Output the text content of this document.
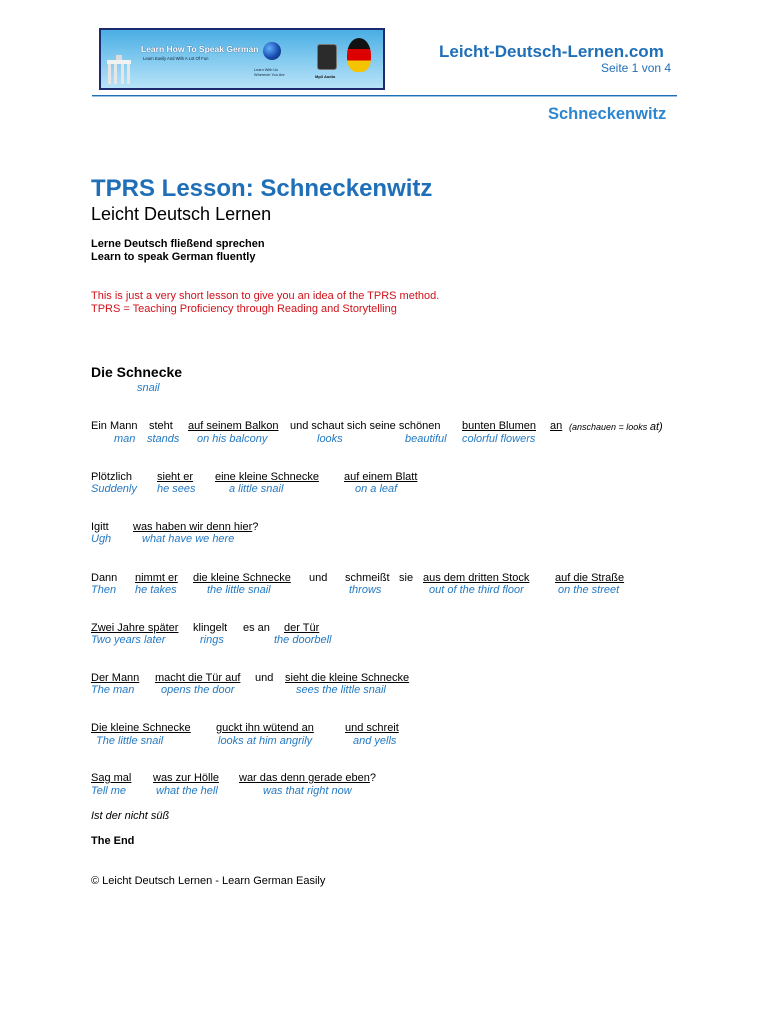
Learn How To Speak German
Learn Easily And With A Lot Of Fun
Learn With Us Wherever You Are	Mp3 Audio
Leicht-Deutsch-Lernen.com
Seite 1 von 4
Schneckenwitz
TPRS Lesson: Schneckenwitz
Leicht Deutsch Lernen
Lerne Deutsch fließend sprechen
Learn to speak German fluently
This is just a very short lesson to give you an idea of the TPRS method.
TPRS = Teaching Proficiency through Reading and Storytelling
Die Schnecke
snail
Ein Mann steht auf seinem Balkon und schaut sich seine schönen bunten Blumen an (anschauen = looks at)
man stands on his balcony	looks	beautiful colorful flowers
Plötzlich sieht er eine kleine Schnecke auf einem Blatt
Suddenly he sees	a little snail	on a leaf
Igitt was haben wir denn hier?
Ugh	what have we here
Dann nimmt er die kleine Schnecke und schmeißt sie aus dem dritten Stock auf die Straße
Then he takes	the little snail	throws	out of the third floor	on the street
Zwei Jahre später klingelt es an der Tür
Two years later	rings	the doorbell
Der Mann macht die Tür auf und sieht die kleine Schnecke
The man opens the door	sees the little snail
Die kleine Schnecke guckt ihn wütend an	und schreit
The little snail	looks at him angrily	and yells
Sag mal was zur Hölle war das denn gerade eben?
Tell me	what the hell	was that right now
Ist der nicht süß
The End
© Leicht Deutsch Lernen - Learn German Easily
